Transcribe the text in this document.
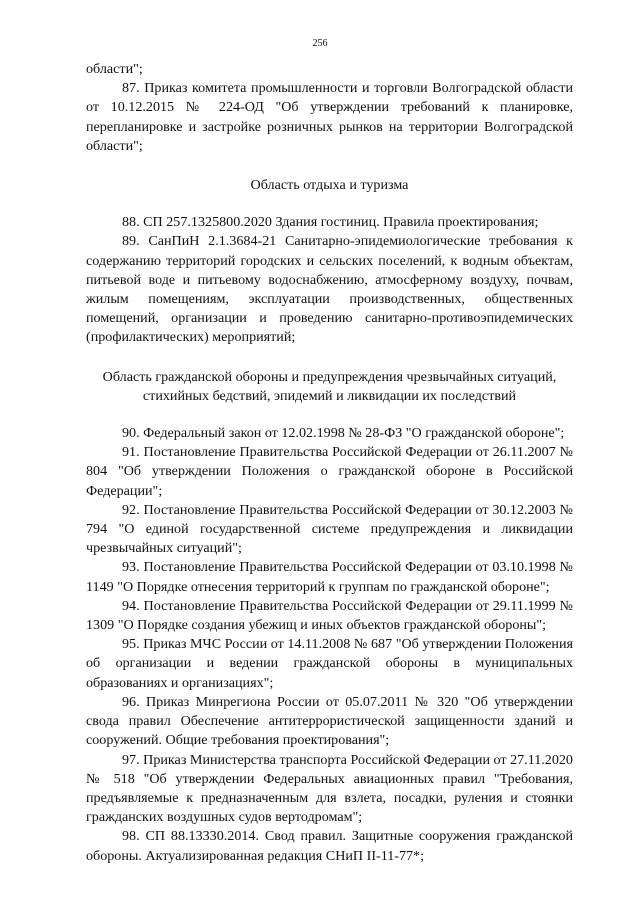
256

области";

87. Приказ комитета промышленности и торговли Волгоградской области от 10.12.2015 № 224-ОД "Об утверждении требований к планировке, перепланировке и застройке розничных рынков на территории Волгоградской области";

Область отдыха и туризма

88. СП 257.1325800.2020 Здания гостиниц. Правила проектирования;

89. СанПиН 2.1.3684-21 Санитарно-эпидемиологические требования к содержанию территорий городских и сельских поселений, к водным объектам, питьевой воде и питьевому водоснабжению, атмосферному воздуху, почвам, жилым помещениям, эксплуатации производственных, общественных помещений, организации и проведению санитарно-противоэпидемических (профилактических) мероприятий;

Область гражданской обороны и предупреждения чрезвычайных ситуаций, стихийных бедствий, эпидемий и ликвидации их последствий

90. Федеральный закон от 12.02.1998 № 28-ФЗ "О гражданской обороне";

91. Постановление Правительства Российской Федерации от 26.11.2007 № 804 "Об утверждении Положения о гражданской обороне в Российской Федерации";

92. Постановление Правительства Российской Федерации от 30.12.2003 № 794 "О единой государственной системе предупреждения и ликвидации чрезвычайных ситуаций";

93. Постановление Правительства Российской Федерации от 03.10.1998 № 1149 "О Порядке отнесения территорий к группам по гражданской обороне";

94. Постановление Правительства Российской Федерации от 29.11.1999 № 1309 "О Порядке создания убежищ и иных объектов гражданской обороны";

95. Приказ МЧС России от 14.11.2008 № 687 "Об утверждении Положения об организации и ведении гражданской обороны в муниципальных образованиях и организациях";

96. Приказ Минрегиона России от 05.07.2011 № 320 "Об утверждении свода правил Обеспечение антитеррористической защищенности зданий и сооружений. Общие требования проектирования";

97. Приказ Министерства транспорта Российской Федерации от 27.11.2020 № 518 "Об утверждении Федеральных авиационных правил "Требования, предъявляемые к предназначенным для взлета, посадки, руления и стоянки гражданских воздушных судов вертодромам";

98. СП 88.13330.2014. Свод правил. Защитные сооружения гражданской обороны. Актуализированная редакция СНиП II-11-77*;
